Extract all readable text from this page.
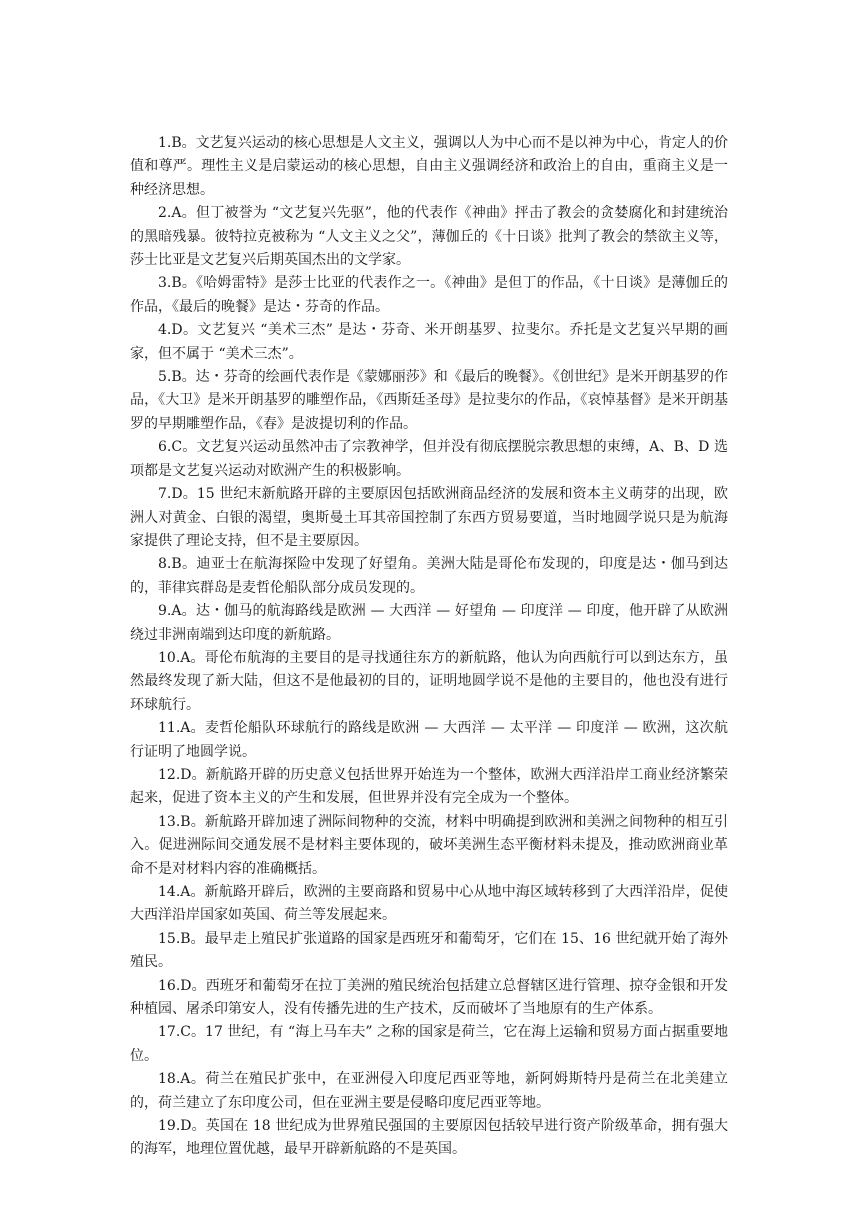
1.B。文艺复兴运动的核心思想是人文主义，强调以人为中心而不是以神为中心，肯定人的价值和尊严。理性主义是启蒙运动的核心思想，自由主义强调经济和政治上的自由，重商主义是一种经济思想。

2.A。但丁被誉为 “文艺复兴先驱”，他的代表作《神曲》抨击了教会的贪婪腐化和封建统治的黑暗残暴。彼特拉克被称为 “人文主义之父”，薄伽丘的《十日谈》批判了教会的禁欲主义等，莎士比亚是文艺复兴后期英国杰出的文学家。

3.B。《哈姆雷特》是莎士比亚的代表作之一。《神曲》是但丁的作品，《十日谈》是薄伽丘的作品，《最后的晚餐》是达・芬奇的作品。

4.D。文艺复兴 “美术三杰” 是达・芬奇、米开朗基罗、拉斐尔。乔托是文艺复兴早期的画家，但不属于 “美术三杰”。

5.B。达・芬奇的绘画代表作是《蒙娜丽莎》和《最后的晚餐》。《创世纪》是米开朗基罗的作品，《大卫》是米开朗基罗的雕塑作品，《西斯廷圣母》是拉斐尔的作品，《哀悼基督》是米开朗基罗的早期雕塑作品，《春》是波提切利的作品。

6.C。文艺复兴运动虽然冲击了宗教神学，但并没有彻底摆脱宗教思想的束缚，A、B、D 选项都是文艺复兴运动对欧洲产生的积极影响。

7.D。15 世纪末新航路开辟的主要原因包括欧洲商品经济的发展和资本主义萌芽的出现，欧洲人对黄金、白银的渴望，奥斯曼土耳其帝国控制了东西方贸易要道，当时地圆学说只是为航海家提供了理论支持，但不是主要原因。

8.B。迪亚士在航海探险中发现了好望角。美洲大陆是哥伦布发现的，印度是达・伽马到达的，菲律宾群岛是麦哲伦船队部分成员发现的。

9.A。达・伽马的航海路线是欧洲 — 大西洋 — 好望角 — 印度洋 — 印度，他开辟了从欧洲绕过非洲南端到达印度的新航路。

10.A。哥伦布航海的主要目的是寻找通往东方的新航路，他认为向西航行可以到达东方，虽然最终发现了新大陆，但这不是他最初的目的，证明地圆学说不是他的主要目的，他也没有进行环球航行。

11.A。麦哲伦船队环球航行的路线是欧洲 — 大西洋 — 太平洋 — 印度洋 — 欧洲，这次航行证明了地圆学说。

12.D。新航路开辟的历史意义包括世界开始连为一个整体，欧洲大西洋沿岸工商业经济繁荣起来，促进了资本主义的产生和发展，但世界并没有完全成为一个整体。

13.B。新航路开辟加速了洲际间物种的交流，材料中明确提到欧洲和美洲之间物种的相互引入。促进洲际间交通发展不是材料主要体现的，破坏美洲生态平衡材料未提及，推动欧洲商业革命不是对材料内容的准确概括。

14.A。新航路开辟后，欧洲的主要商路和贸易中心从地中海区域转移到了大西洋沿岸，促使大西洋沿岸国家如英国、荷兰等发展起来。

15.B。最早走上殖民扩张道路的国家是西班牙和葡萄牙，它们在 15、16 世纪就开始了海外殖民。

16.D。西班牙和葡萄牙在拉丁美洲的殖民统治包括建立总督辖区进行管理、掠夺金银和开发种植园、屠杀印第安人，没有传播先进的生产技术，反而破坏了当地原有的生产体系。

17.C。17 世纪，有 “海上马车夫” 之称的国家是荷兰，它在海上运输和贸易方面占据重要地位。

18.A。荷兰在殖民扩张中，在亚洲侵入印度尼西亚等地，新阿姆斯特丹是荷兰在北美建立的，荷兰建立了东印度公司，但在亚洲主要是侵略印度尼西亚等地。

19.D。英国在 18 世纪成为世界殖民强国的主要原因包括较早进行资产阶级革命，拥有强大的海军，地理位置优越，最早开辟新航路的不是英国。
